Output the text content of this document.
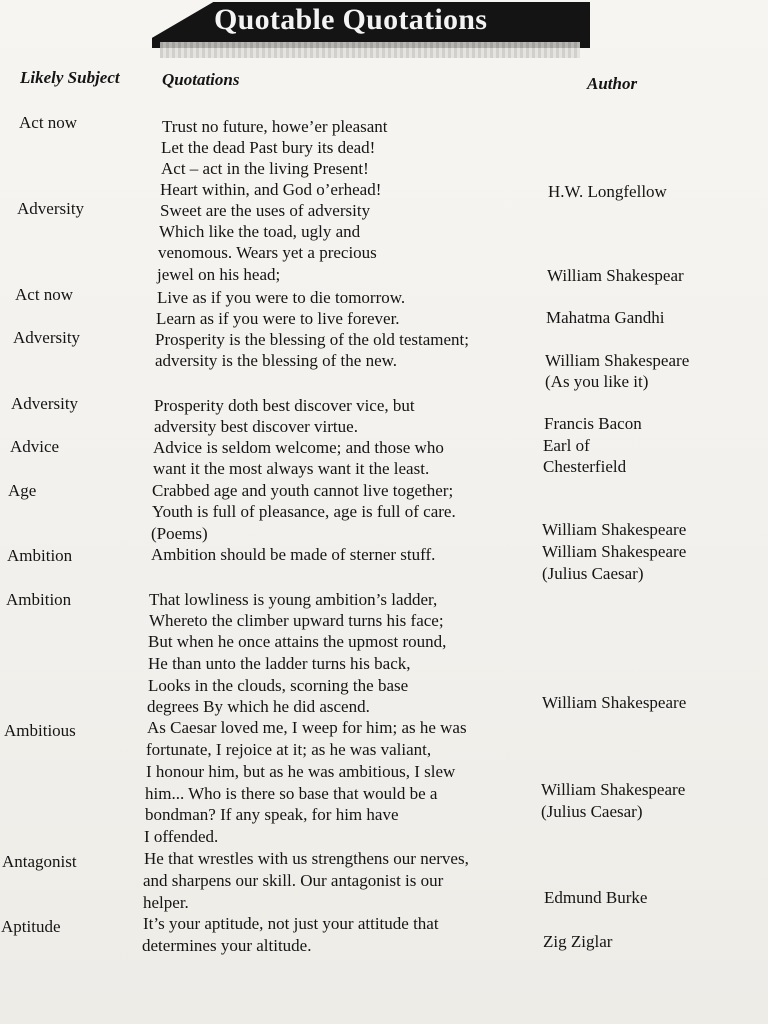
Quotable Quotations
Likely Subject Quotations	Author
Act now
Adversity
Act now
Adversity
Adversity
Advice
Age
Ambition
Ambition
Ambitious
Antagonist
Aptitude
Trust no future, howe’er pleasant
Let the dead Past bury its dead!
Act – act in the living Present!
Heart within, and God o’erhead!
Sweet are the uses of adversity
Which like the toad, ugly and
venomous. Wears yet a precious
jewel on his head;
Live as if you were to die tomorrow.
Learn as if you were to live forever.
Prosperity is the blessing of the old testament;
adversity is the blessing of the new.
Prosperity doth best discover vice, but
adversity best discover virtue.
Advice is seldom welcome; and those who
want it the most always want it the least.
Crabbed age and youth cannot live together;
Youth is full of pleasance, age is full of care.
(Poems)
Ambition should be made of sterner stuff.
That lowliness is young ambition’s ladder,
Whereto the climber upward turns his face;
But when he once attains the upmost round,
He than unto the ladder turns his back,
Looks in the clouds, scorning the base
degrees By which he did ascend.
As Caesar loved me, I weep for him; as he was
fortunate, I rejoice at it; as he was valiant,
I honour him, but as he was ambitious, I slew
him... Who is there so base that would be a
bondman? If any speak, for him have
I offended.
He that wrestles with us strengthens our nerves,
and sharpens our skill. Our antagonist is our
helper.
It’s your aptitude, not just your attitude that
determines your altitude.
H.W. Longfellow
William Shakespear
Mahatma Gandhi
William Shakespeare
(As you like it)
Francis Bacon
Earl of
Chesterfield
William Shakespeare
William Shakespeare
(Julius Caesar)
William Shakespeare
William Shakespeare
(Julius Caesar)
Edmund Burke
Zig Ziglar
